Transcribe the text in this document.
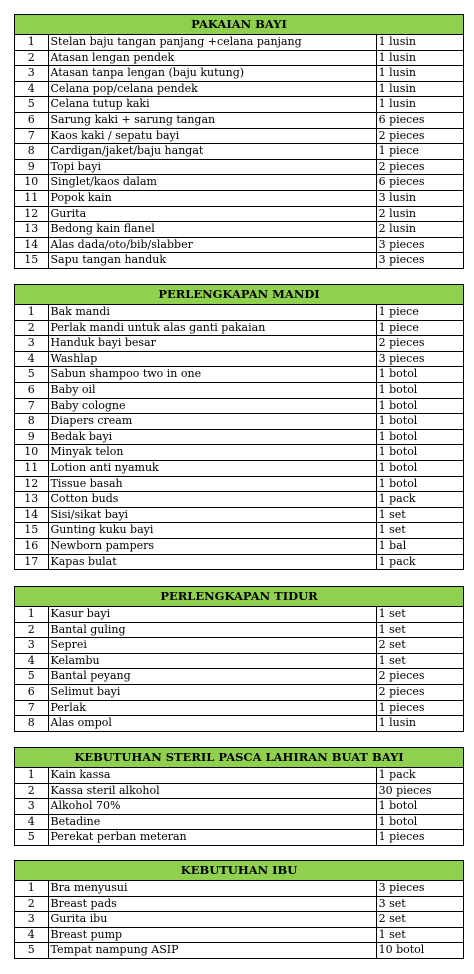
PAKAIAN BAYI		
1	Stelan baju tangan panjang +celana panjang	1 lusin
2	Atasan lengan pendek	1 lusin
3	Atasan tanpa lengan (baju kutung)	1 lusin
4	Celana pop/celana pendek	1 lusin
5	Celana tutup kaki	1 lusin
6	Sarung kaki + sarung tangan	6 pieces
7	Kaos kaki / sepatu bayi	2 pieces
8	Cardigan/jaket/baju hangat	1 piece
9	Topi bayi	2 pieces
10	Singlet/kaos dalam	6 pieces
11	Popok kain	3 lusin
12	Gurita	2 lusin
13	Bedong kain flanel	2 lusin
14	Alas dada/oto/bib/slabber	3 pieces
15	Sapu tangan handuk	3 pieces
PERLENGKAPAN MANDI		
1	Bak mandi	1 piece
2	Perlak mandi untuk alas ganti pakaian	1 piece
3	Handuk bayi besar	2 pieces
4	Washlap	3 pieces
5	Sabun shampoo two in one	1 botol
6	Baby oil	1 botol
7	Baby cologne	1 botol
8	Diapers cream	1 botol
9	Bedak bayi	1 botol
10	Minyak telon	1 botol
11	Lotion anti nyamuk	1 botol
12	Tissue basah	1 botol
13	Cotton buds	1 pack
14	Sisi/sikat bayi	1 set
15	Gunting kuku bayi	1 set
16	Newborn pampers	1 bal
17	Kapas bulat	1 pack
PERLENGKAPAN TIDUR		
1	Kasur bayi	1 set
2	Bantal guling	1 set
3	Seprei	2 set
4	Kelambu	1 set
5	Bantal peyang	2 pieces
6	Selimut bayi	2 pieces
7	Perlak	1 pieces
8	Alas ompol	1 lusin
KEBUTUHAN STERIL PASCA LAHIRAN BUAT BAYI		
1	Kain kassa	1 pack
2	Kassa steril alkohol	30 pieces
3	Alkohol 70%	1 botol
4	Betadine	1 botol
5	Perekat perban meteran	1 pieces
KEBUTUHAN IBU		
1	Bra menyusui	3 pieces
2	Breast pads	3 set
3	Gurita ibu	2 set
4	Breast pump	1 set
5	Tempat nampung ASIP	10 botol
